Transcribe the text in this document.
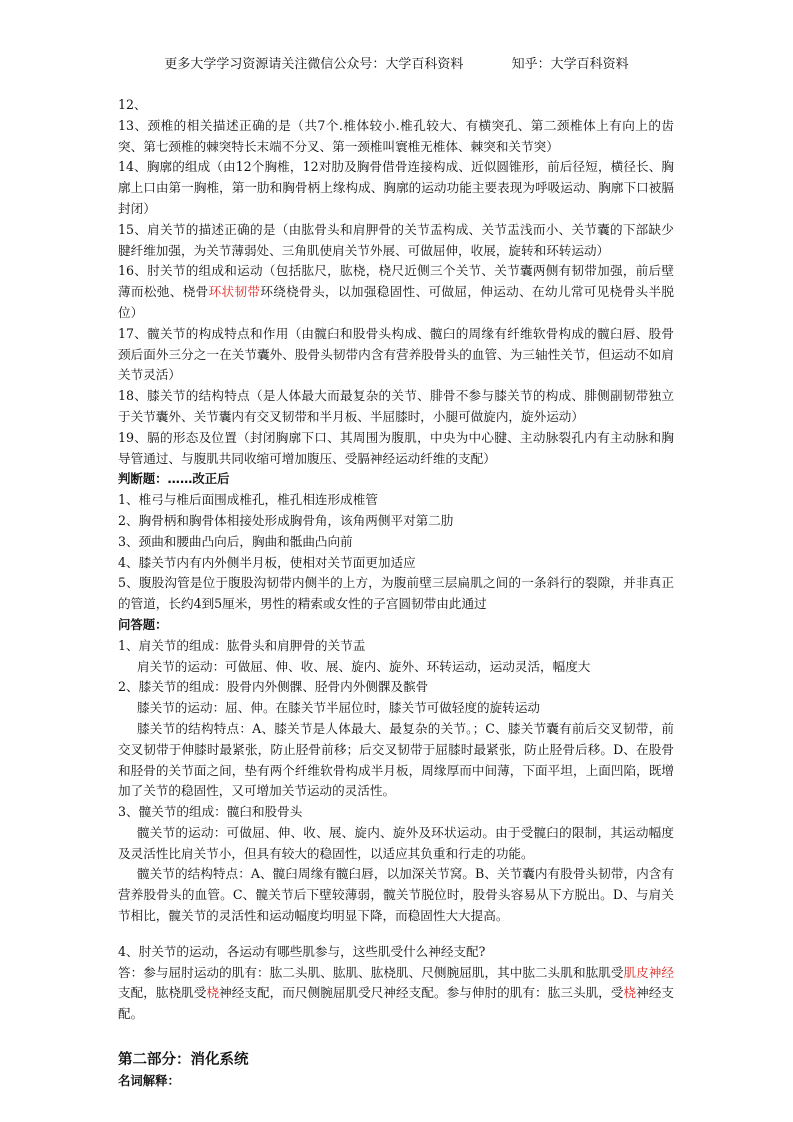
更多大学学习资源请关注微信公众号：大学百科资料	知乎：大学百科资料
12、
13、颈椎的相关描述正确的是（共7个.椎体较小.椎孔较大、有横突孔、第二颈椎体上有向上的齿突、第七颈椎的棘突特长末端不分叉、第一颈椎叫寰椎无椎体、棘突和关节突）
14、胸廓的组成（由12个胸椎，12对肋及胸骨借骨连接构成、近似圆锥形，前后径短，横径长、胸廓上口由第一胸椎，第一肋和胸骨柄上缘构成、胸廓的运动功能主要表现为呼吸运动、胸廓下口被膈封闭）
15、肩关节的描述正确的是（由肱骨头和肩胛骨的关节盂构成、关节盂浅而小、关节囊的下部缺少腱纤维加强，为关节薄弱处、三角肌使肩关节外展、可做屈伸，收展，旋转和环转运动）
16、肘关节的组成和运动（包括肱尺，肱桡，桡尺近侧三个关节、关节囊两侧有韧带加强，前后壁薄而松弛、桡骨环状韧带环绕桡骨头，以加强稳固性、可做屈，伸运动、在幼儿常可见桡骨头半脱位）
17、髋关节的构成特点和作用（由髋臼和股骨头构成、髋臼的周缘有纤维软骨构成的髋臼唇、股骨颈后面外三分之一在关节囊外、股骨头韧带内含有营养股骨头的血管、为三轴性关节，但运动不如肩关节灵活）
18、膝关节的结构特点（是人体最大而最复杂的关节、腓骨不参与膝关节的构成、腓侧副韧带独立于关节囊外、关节囊内有交叉韧带和半月板、半屈膝时，小腿可做旋内，旋外运动）
19、膈的形态及位置（封闭胸廓下口、其周围为腹肌，中央为中心腱、主动脉裂孔内有主动脉和胸导管通过、与腹肌共同收缩可增加腹压、受膈神经运动纤维的支配）
判断题：……改正后
1、椎弓与椎后面围成椎孔，椎孔相连形成椎管
2、胸骨柄和胸骨体相接处形成胸骨角，该角两侧平对第二肋
3、颈曲和腰曲凸向后，胸曲和骶曲凸向前
4、膝关节内有内外侧半月板，使相对关节面更加适应
5、腹股沟管是位于腹股沟韧带内侧半的上方，为腹前壁三层扁肌之间的一条斜行的裂隙，并非真正的管道，长约4到5厘米，男性的精索或女性的子宫圆韧带由此通过
问答题：
1、肩关节的组成：肱骨头和肩胛骨的关节盂
肩关节的运动：可做屈、伸、收、展、旋内、旋外、环转运动，运动灵活，幅度大
2、膝关节的组成：股骨内外侧髁、胫骨内外侧髁及髌骨
膝关节的运动：屈、伸。在膝关节半屈位时，膝关节可做轻度的旋转运动
膝关节的结构特点：A、膝关节是人体最大、最复杂的关节。；C、膝关节囊有前后交叉韧带，前交叉韧带于伸膝时最紧张，防止胫骨前移；后交叉韧带于屈膝时最紧张，防止胫骨后移。D、在股骨和胫骨的关节面之间，垫有两个纤维软骨构成半月板，周缘厚而中间薄，下面平坦，上面凹陷，既增加了关节的稳固性，又可增加关节运动的灵活性。
3、髋关节的组成：髋臼和股骨头
髋关节的运动：可做屈、伸、收、展、旋内、旋外及环状运动。由于受髋臼的限制，其运动幅度及灵活性比肩关节小，但具有较大的稳固性，以适应其负重和行走的功能。
髋关节的结构特点：A、髋臼周缘有髋臼唇，以加深关节窝。B、关节囊内有股骨头韧带，内含有营养股骨头的血管。C、髋关节后下壁较薄弱，髋关节脱位时，股骨头容易从下方脱出。D、与肩关节相比，髋关节的灵活性和运动幅度均明显下降，而稳固性大大提高。
4、肘关节的运动，各运动有哪些肌参与，这些肌受什么神经支配?
答：参与屈肘运动的肌有：肱二头肌、肱肌、肱桡肌、尺侧腕屈肌，其中肱二头肌和肱肌受肌皮神经支配，肱桡肌受桡神经支配，而尺侧腕屈肌受尺神经支配。参与伸肘的肌有：肱三头肌，受桡神经支配。
第二部分：消化系统
名词解释：
